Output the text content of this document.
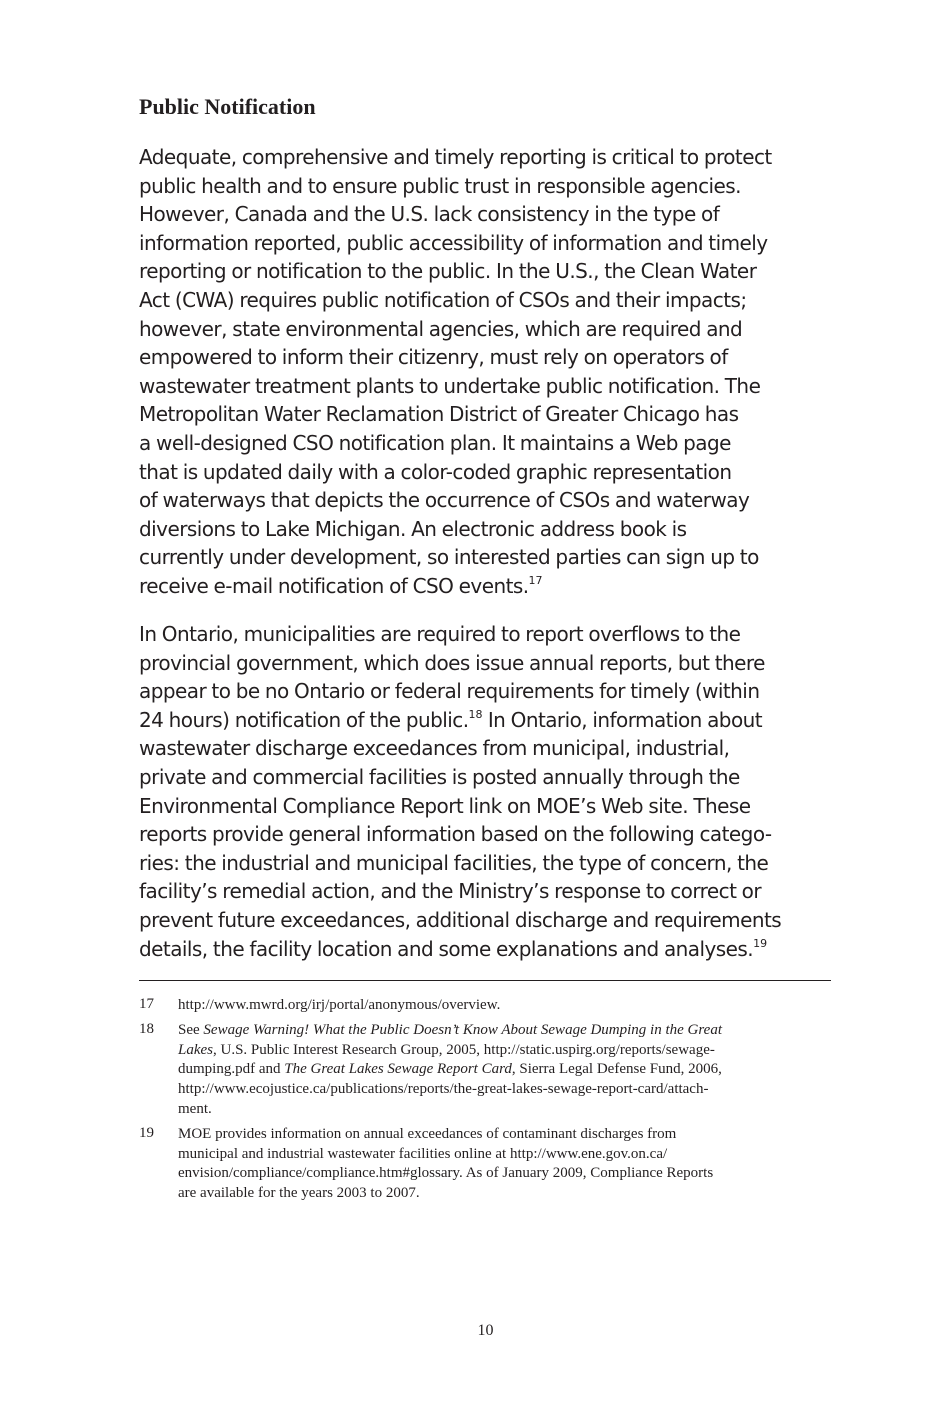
Public Notification
Adequate, comprehensive and timely reporting is critical to protect
public health and to ensure public trust in responsible agencies.
However, Canada and the U.S. lack consistency in the type of
information reported, public accessibility of information and timely
reporting or notification to the public. In the U.S., the Clean Water
Act (CWA) requires public notification of CSOs and their impacts;
however, state environmental agencies, which are required and
empowered to inform their citizenry, must rely on operators of
wastewater treatment plants to undertake public notification. The
Metropolitan Water Reclamation District of Greater Chicago has
a well-designed CSO notification plan. It maintains a Web page
that is updated daily with a color-coded graphic representation
of waterways that depicts the occurrence of CSOs and waterway
diversions to Lake Michigan. An electronic address book is
currently under development, so interested parties can sign up to
receive e-mail notification of CSO events.$^{17}$
In Ontario, municipalities are required to report overflows to the
provincial government, which does issue annual reports, but there
appear to be no Ontario or federal requirements for timely (within
24 hours) notification of the public.$^{18}$ In Ontario, information about
wastewater discharge exceedances from municipal, industrial,
private and commercial facilities is posted annually through the
Environmental Compliance Report link on MOE’s Web site. These
reports provide general information based on the following catego-
ries: the industrial and municipal facilities, the type of concern, the
facility’s remedial action, and the Ministry’s response to correct or
prevent future exceedances, additional discharge and requirements
details, the facility location and some explanations and analyses.$^{19}$
17 http://www.mwrd.org/irj/portal/anonymous/overview.
18 See Sewage Warning! What the Public Doesn’t Know About Sewage Dumping in the Great
Lakes, U.S. Public Interest Research Group, 2005, http://static.uspirg.org/reports/sewage-
dumping.pdf and The Great Lakes Sewage Report Card, Sierra Legal Defense Fund, 2006,
http://www.ecojustice.ca/publications/reports/the-great-lakes-sewage-report-card/attach-
ment.
19 MOE provides information on annual exceedances of contaminant discharges from
municipal and industrial wastewater facilities online at http://www.ene.gov.on.ca/
envision/compliance/compliance.htm#glossary. As of January 2009, Compliance Reports
are available for the years 2003 to 2007.
10
